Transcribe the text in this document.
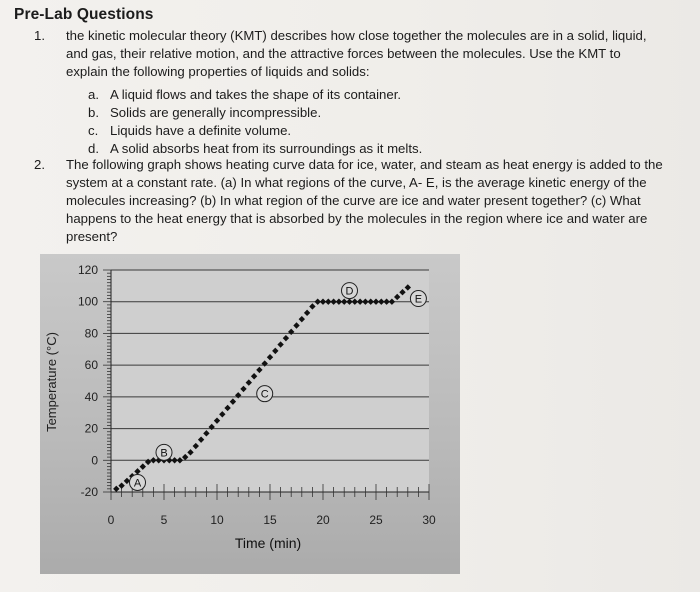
Pre-Lab Questions
1. the kinetic molecular theory (KMT) describes how close together the molecules are in a solid, liquid,
and gas, their relative motion, and the attractive forces between the molecules. Use the KMT to
explain the following properties of liquids and solids:
a. A liquid flows and takes the shape of its container.
b. Solids are generally incompressible.
c. Liquids have a definite volume.
d. A solid absorbs heat from its surroundings as it melts.
2. The following graph shows heating curve data for ice, water, and steam as heat energy is added to the
system at a constant rate. (a) In what regions of the curve, A- E, is the average kinetic energy of the
molecules increasing? (b) In what region of the curve are ice and water present together? (c) What
happens to the heat energy that is absorbed by the molecules in the region where ice and water are
present?
-20
0
20
40
60
80
100
120
0	5	10	15	20	25	30
A
B
C
D
E
Temperature (°C)
Time (min)
